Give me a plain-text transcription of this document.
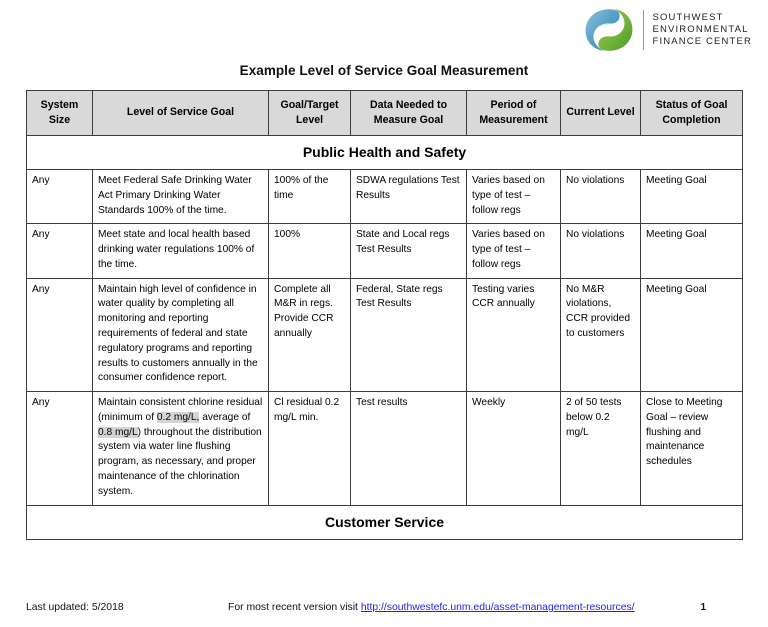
SOUTHWEST
ENVIRONMENTAL
FINANCE CENTER
Example Level of Service Goal Measurement
System Size	Level of Service Goal	Goal/Target Level	Data Needed to Measure Goal	Period of Measurement	Current Level	Status of Goal Completion
Public Health and Safety						
Any	Meet Federal Safe Drinking Water Act Primary Drinking Water Standards 100% of the time.	100% of the time	SDWA regulations Test Results	Varies based on type of test – follow regs	No violations	Meeting Goal
Any	Meet state and local health based drinking water regulations 100% of the time.	100%	State and Local regs Test Results	Varies based on type of test – follow regs	No violations	Meeting Goal
Any	Maintain high level of confidence in water quality by completing all monitoring and reporting requirements of federal and state regulatory programs and reporting results to customers annually in the consumer confidence report.	Complete all M&R in regs. Provide CCR annually	Federal, State regs Test Results	Testing varies CCR annually	No M&R violations, CCR provided to customers	Meeting Goal
Any	Maintain consistent chlorine residual (minimum of 0.2 mg/L, average of 0.8 mg/L) throughout the distribution system via water line flushing program, as necessary, and proper maintenance of the chlorination system.	Cl residual 0.2 mg/L min.	Test results	Weekly	2 of 50 tests below 0.2 mg/L	Close to Meeting Goal – review flushing and maintenance schedules
Customer Service						
Last updated: 5/2018	For most recent version visit http://southwestefc.unm.edu/asset-management-resources/	1
